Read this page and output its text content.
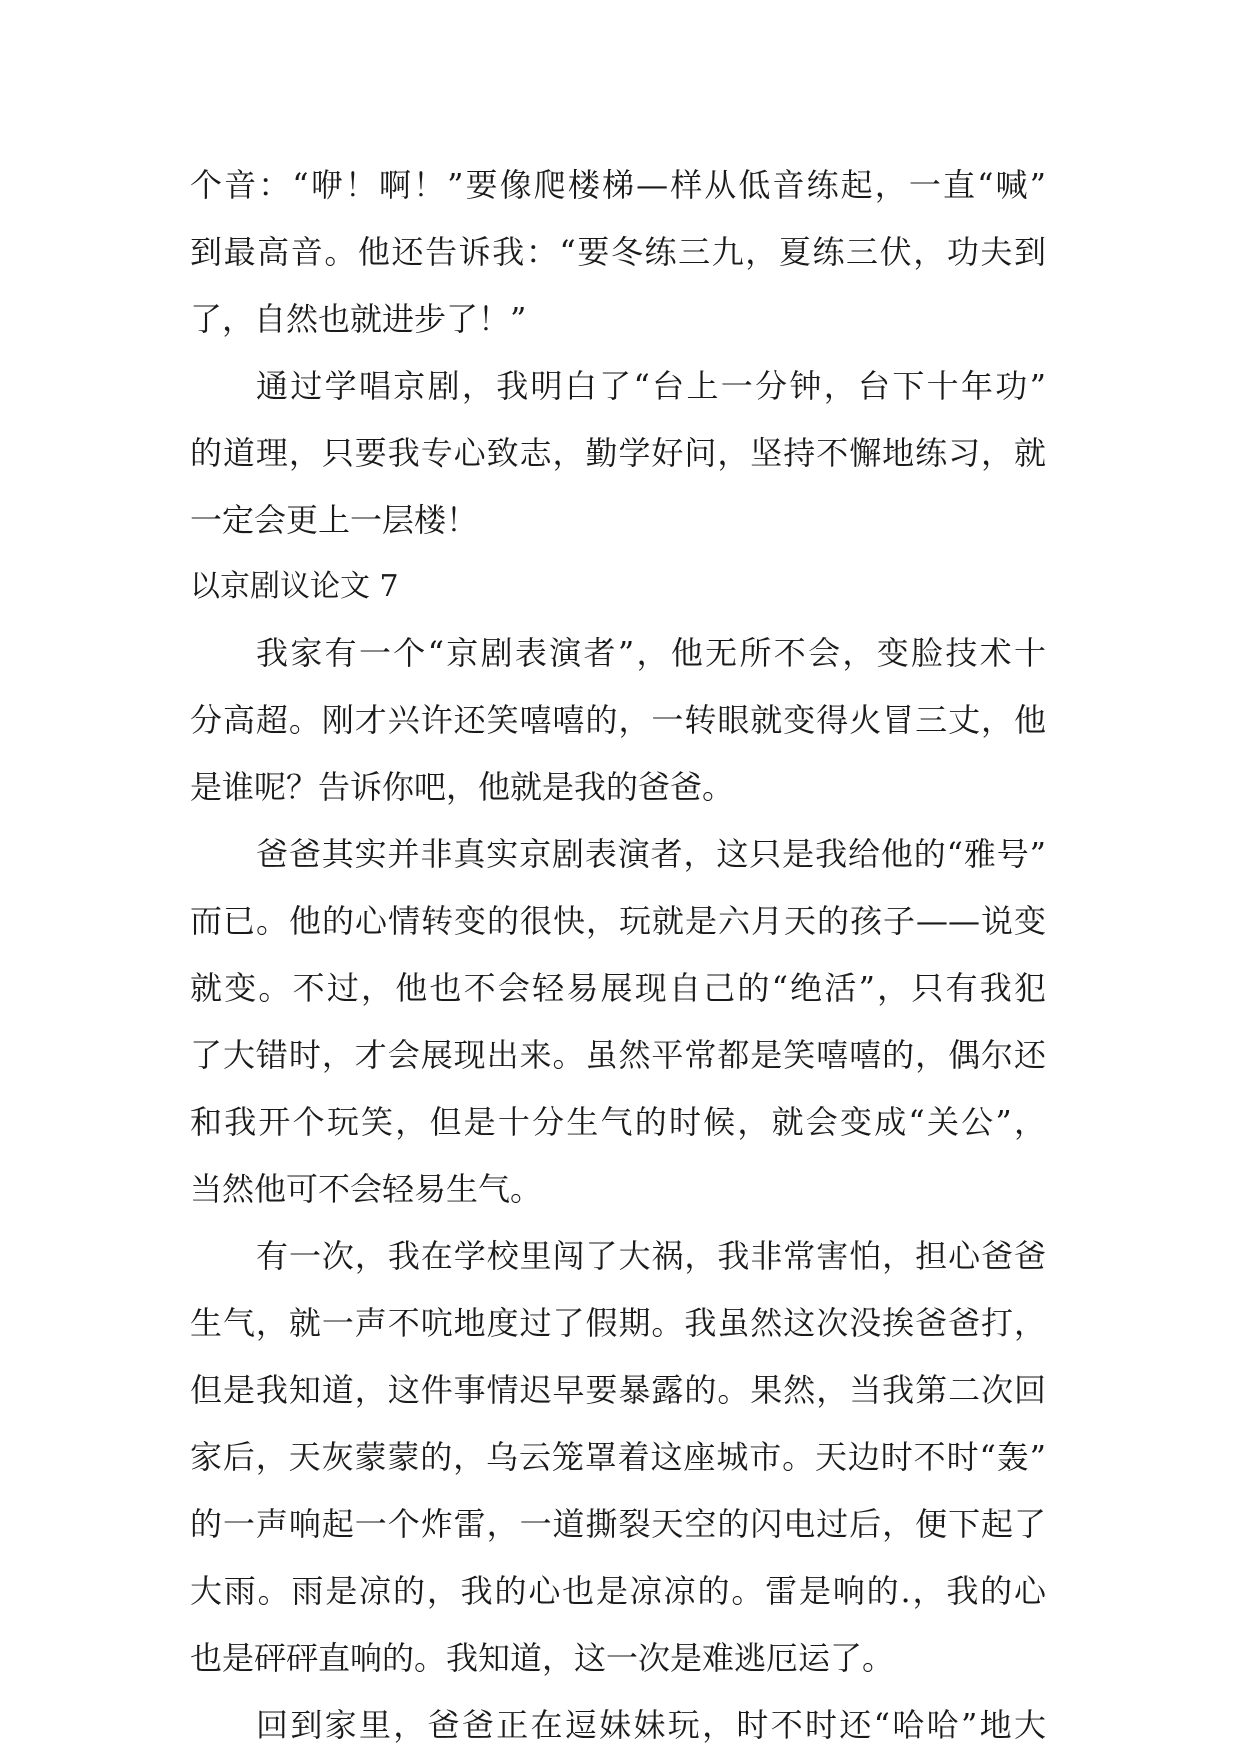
个音：“咿！啊！”要像爬楼梯—样从低音练起，一直“喊”
到最高音。他还告诉我：“要冬练三九，夏练三伏，功夫到
了，自然也就进步了！”
通过学唱京剧，我明白了“台上一分钟，台下十年功”
的道理，只要我专心致志，勤学好问，坚持不懈地练习，就
一定会更上一层楼！
以京剧议论文 7
我家有一个“京剧表演者”，他无所不会，变脸技术十
分高超。刚才兴许还笑嘻嘻的，一转眼就变得火冒三丈，他
是谁呢？告诉你吧，他就是我的爸爸。
爸爸其实并非真实京剧表演者，这只是我给他的“雅号”
而已。他的心情转变的很快，玩就是六月天的孩子——说变
就变。不过，他也不会轻易展现自己的“绝活”，只有我犯
了大错时，才会展现出来。虽然平常都是笑嘻嘻的，偶尔还
和我开个玩笑，但是十分生气的时候，就会变成“关公”，
当然他可不会轻易生气。
有一次，我在学校里闯了大祸，我非常害怕，担心爸爸
生气，就一声不吭地度过了假期。我虽然这次没挨爸爸打，
但是我知道，这件事情迟早要暴露的。果然，当我第二次回
家后，天灰蒙蒙的，乌云笼罩着这座城市。天边时不时“轰”
的一声响起一个炸雷，一道撕裂天空的闪电过后，便下起了
大雨。雨是凉的，我的心也是凉凉的。雷是响的.，我的心
也是砰砰直响的。我知道，这一次是难逃厄运了。
回到家里，爸爸正在逗妹妹玩，时不时还“哈哈”地大
